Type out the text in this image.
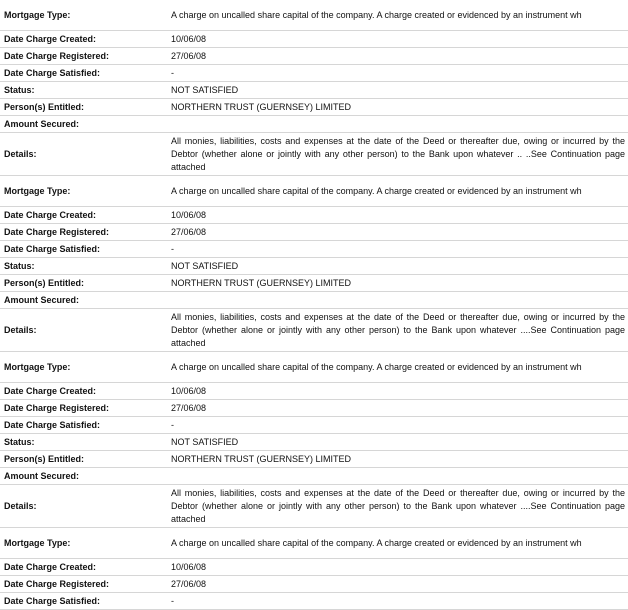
Mortgage Type:	A charge on uncalled share capital of the company. A charge created or evidenced by an instrument wh
Date Charge Created:	10/06/08
Date Charge Registered:	27/06/08
Date Charge Satisfied:	-
Status:	NOT SATISFIED
Person(s) Entitled:	NORTHERN TRUST (GUERNSEY) LIMITED
Amount Secured:	
Details:	All monies, liabilities, costs and expenses at the date of the Deed or thereafter due, owing or incurred by the Debtor (whether alone or jointly with any other person) to the Bank upon whatever .. ..See Continuation page attached
Mortgage Type:	A charge on uncalled share capital of the company. A charge created or evidenced by an instrument wh
Date Charge Created:	10/06/08
Date Charge Registered:	27/06/08
Date Charge Satisfied:	-
Status:	NOT SATISFIED
Person(s) Entitled:	NORTHERN TRUST (GUERNSEY) LIMITED
Amount Secured:	
Details:	All monies, liabilities, costs and expenses at the date of the Deed or thereafter due, owing or incurred by the Debtor (whether alone or jointly with any other person) to the Bank upon whatever ....See Continuation page attached
Mortgage Type:	A charge on uncalled share capital of the company. A charge created or evidenced by an instrument wh
Date Charge Created:	10/06/08
Date Charge Registered:	27/06/08
Date Charge Satisfied:	-
Status:	NOT SATISFIED
Person(s) Entitled:	NORTHERN TRUST (GUERNSEY) LIMITED
Amount Secured:	
Details:	All monies, liabilities, costs and expenses at the date of the Deed or thereafter due, owing or incurred by the Debtor (whether alone or jointly with any other person) to the Bank upon whatever ....See Continuation page attached
Mortgage Type:	A charge on uncalled share capital of the company. A charge created or evidenced by an instrument wh
Date Charge Created:	10/06/08
Date Charge Registered:	27/06/08
Date Charge Satisfied:	-
